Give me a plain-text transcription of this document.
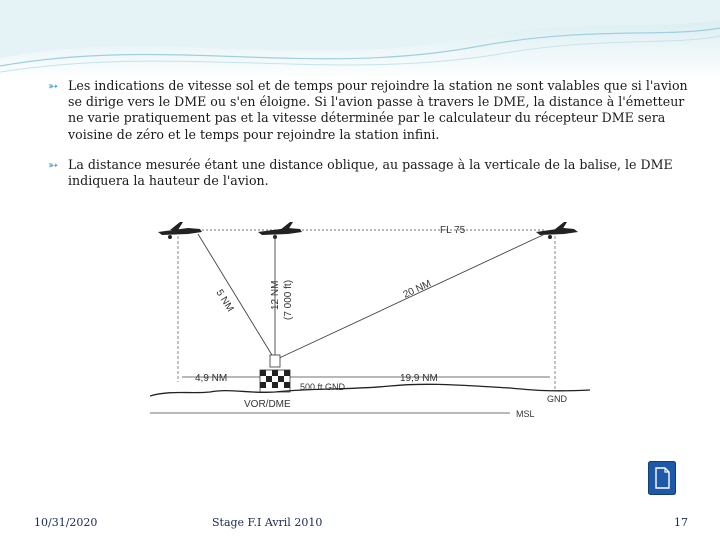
➳ Les indications de vitesse sol et de temps pour rejoindre la station ne sont valables que si l'avion se dirige vers le DME ou s'en éloigne. Si l'avion passe à travers le DME, la distance à l'émetteur ne varie pratiquement pas et la vitesse déterminée par le calculateur du récepteur DME sera voisine de zéro et le temps pour rejoindre la station infini.
➳ La distance mesurée étant une distance oblique, au passage à la verticale de la balise, le DME indiquera la hauteur de l'avion.
FL 75
5 NM	12 NM (7 000 ft)	20 NM
4,9 NM	19,9 NM
500 ft GND
VOR/DME	GND
MSL
10/31/2020	Stage F.I Avril 2010	17
